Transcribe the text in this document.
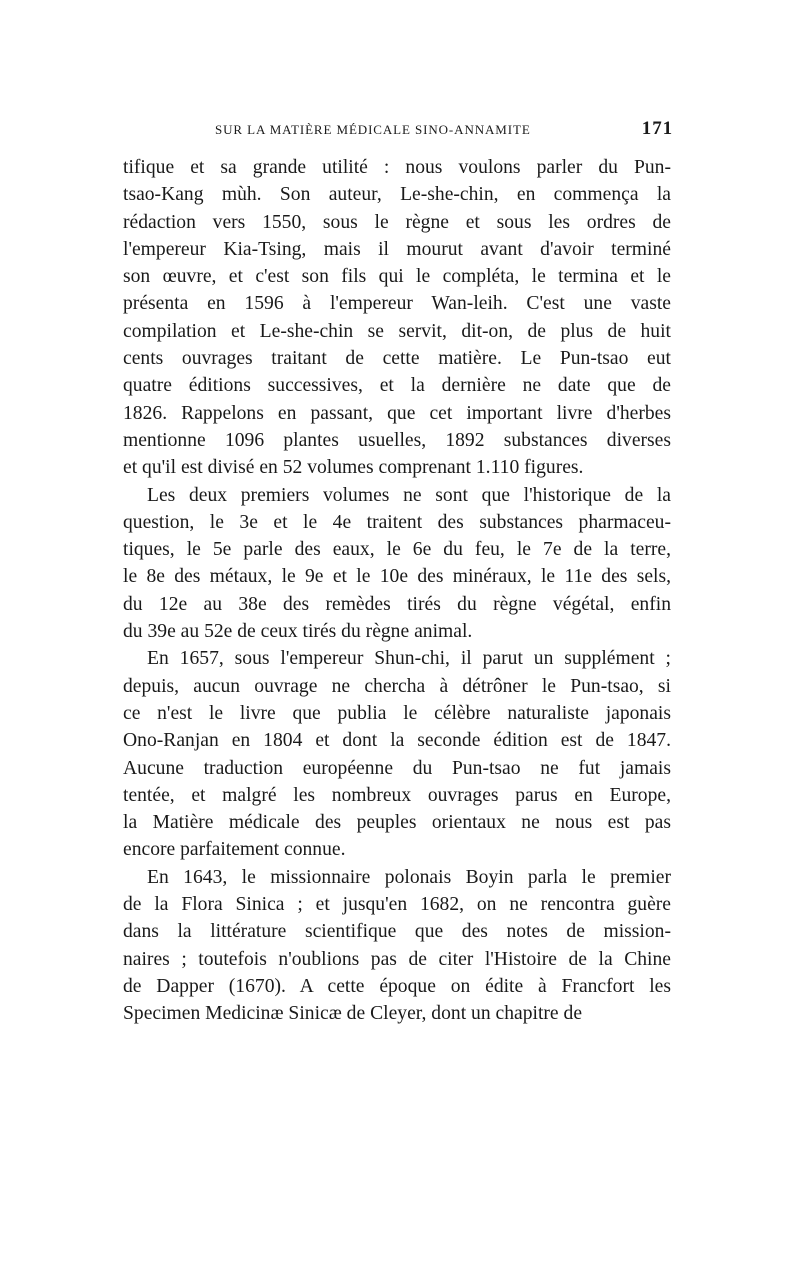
SUR LA MATIÈRE MÉDICALE SINO-ANNAMITE	171
tifique et sa grande utilité : nous voulons parler du Pun-
tsao-Kang mùh. Son auteur, Le-she-chin, en commença la
rédaction vers 1550, sous le règne et sous les ordres de
l'empereur Kia-Tsing, mais il mourut avant d'avoir terminé
son œuvre, et c'est son fils qui le compléta, le termina et le
présenta en 1596 à l'empereur Wan-leih. C'est une vaste
compilation et Le-she-chin se servit, dit-on, de plus de huit
cents ouvrages traitant de cette matière. Le Pun-tsao eut
quatre éditions successives, et la dernière ne date que de
1826. Rappelons en passant, que cet important livre d'herbes
mentionne 1096 plantes usuelles, 1892 substances diverses
et qu'il est divisé en 52 volumes comprenant 1.110 figures.
Les deux premiers volumes ne sont que l'historique de la
question, le 3e et le 4e traitent des substances pharmaceu-
tiques, le 5e parle des eaux, le 6e du feu, le 7e de la terre,
le 8e des métaux, le 9e et le 10e des minéraux, le 11e des sels,
du 12e au 38e des remèdes tirés du règne végétal, enfin
du 39e au 52e de ceux tirés du règne animal.
En 1657, sous l'empereur Shun-chi, il parut un supplément ;
depuis, aucun ouvrage ne chercha à détrôner le Pun-tsao, si
ce n'est le livre que publia le célèbre naturaliste japonais
Ono-Ranjan en 1804 et dont la seconde édition est de 1847.
Aucune traduction européenne du Pun-tsao ne fut jamais
tentée, et malgré les nombreux ouvrages parus en Europe,
la Matière médicale des peuples orientaux ne nous est pas
encore parfaitement connue.
En 1643, le missionnaire polonais Boyin parla le premier
de la Flora Sinica ; et jusqu'en 1682, on ne rencontra guère
dans la littérature scientifique que des notes de mission-
naires ; toutefois n'oublions pas de citer l'Histoire de la Chine
de Dapper (1670). A cette époque on édite à Francfort les
Specimen Medicinæ Sinicæ de Cleyer, dont un chapitre de
